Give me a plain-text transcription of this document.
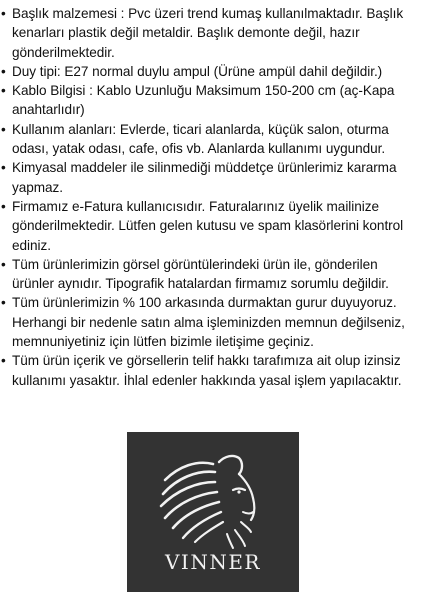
• Başlık malzemesi : Pvc üzeri trend kumaş kullanılmaktadır. Başlık kenarları plastik değil metaldir. Başlık demonte değil, hazır gönderilmektedir.
• Duy tipi: E27 normal duylu ampul (Ürüne ampül dahil değildir.)
• Kablo Bilgisi : Kablo Uzunluğu Maksimum 150-200 cm (aç-Kapa anahtarlıdır)
• Kullanım alanları: Evlerde, ticari alanlarda, küçük salon, oturma odası, yatak odası, cafe, ofis vb. Alanlarda kullanımı uygundur.
• Kimyasal maddeler ile silinmediği müddetçe ürünlerimiz kararma yapmaz.
• Firmamız e-Fatura kullanıcısıdır. Faturalarınız üyelik mailinize gönderilmektedir. Lütfen gelen kutusu ve spam klasörlerini kontrol ediniz.
• Tüm ürünlerimizin görsel görüntülerindeki ürün ile, gönderilen ürünler aynıdır. Tipografik hatalardan firmamız sorumlu değildir.
• Tüm ürünlerimizin % 100 arkasında durmaktan gurur duyuyoruz. Herhangi bir nedenle satın alma işleminizden memnun değilseniz, memnuniyetiniz için lütfen bizimle iletişime geçiniz.
• Tüm ürün içerik ve görsellerin telif hakkı tarafımıza ait olup izinsiz kullanımı yasaktır. İhlal edenler hakkında yasal işlem yapılacaktır.
VINNER
